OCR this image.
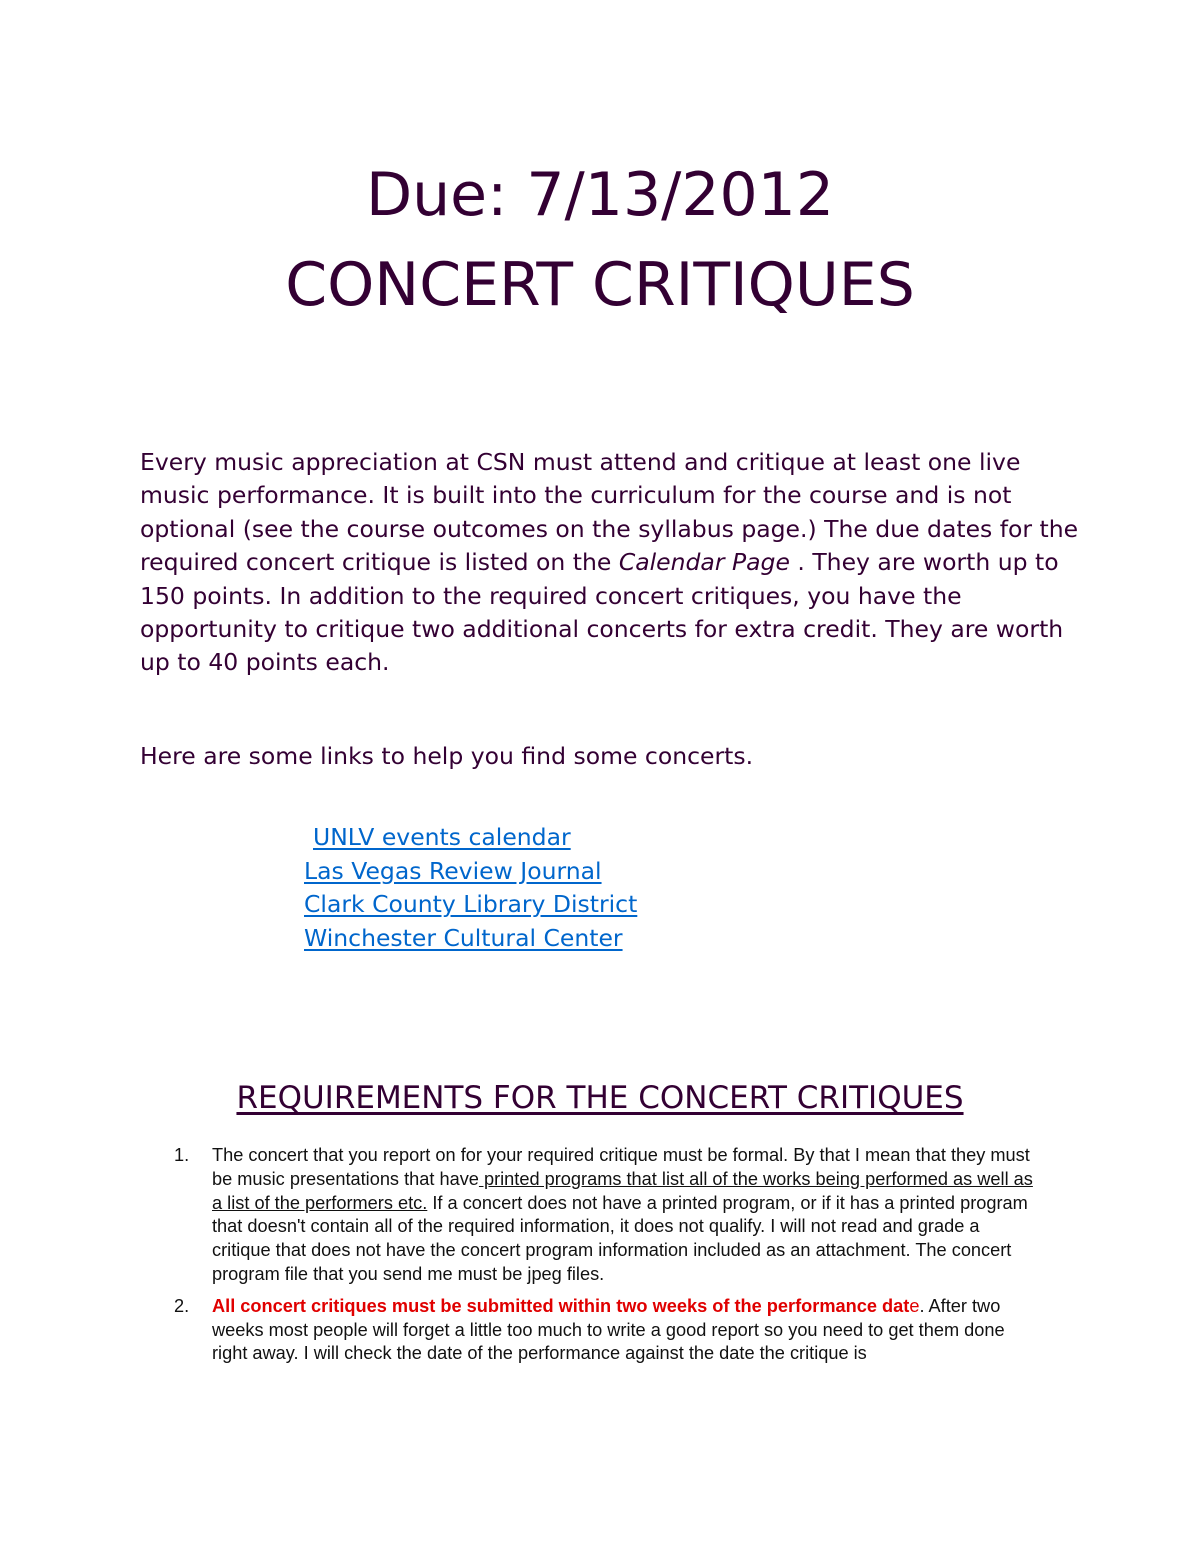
Due: 7/13/2012
CONCERT CRITIQUES

Every music appreciation at CSN must attend and critique at least one live music performance. It is built into the curriculum for the course and is not optional (see the course outcomes on the syllabus page.) The due dates for the required concert critique is listed on the Calendar Page . They are worth up to 150 points. In addition to the required concert critiques, you have the opportunity to critique two additional concerts for extra credit. They are worth up to 40 points each.

Here are some links to help you find some concerts.

UNLV events calendar
Las Vegas Review Journal
Clark County Library District
Winchester Cultural Center
REQUIREMENTS FOR THE CONCERT CRITIQUES
1. The concert that you report on for your required critique must be formal. By that I mean that they must be music presentations that have printed programs that list all of the works being performed as well as a list of the performers etc. If a concert does not have a printed program, or if it has a printed program that doesn't contain all of the required information, it does not qualify. I will not read and grade a critique that does not have the concert program information included as an attachment. The concert program file that you send me must be jpeg files.
2. All concert critiques must be submitted within two weeks of the performance date. After two weeks most people will forget a little too much to write a good report so you need to get them done right away. I will check the date of the performance against the date the critique is
